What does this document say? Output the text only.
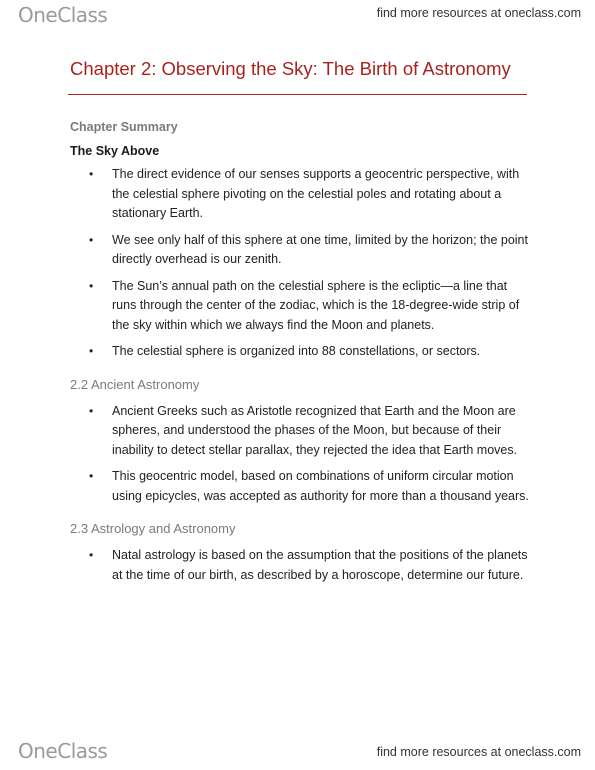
OneClass	find more resources at oneclass.com
Chapter 2: Observing the Sky: The Birth of Astronomy
Chapter Summary
The Sky Above
• The direct evidence of our senses supports a geocentric perspective, with the celestial sphere pivoting on the celestial poles and rotating about a stationary Earth.
• We see only half of this sphere at one time, limited by the horizon; the point directly overhead is our zenith.
• The Sun’s annual path on the celestial sphere is the ecliptic—a line that runs through the center of the zodiac, which is the 18-degree-wide strip of the sky within which we always find the Moon and planets.
• The celestial sphere is organized into 88 constellations, or sectors.
2.2 Ancient Astronomy
• Ancient Greeks such as Aristotle recognized that Earth and the Moon are spheres, and understood the phases of the Moon, but because of their inability to detect stellar parallax, they rejected the idea that Earth moves.
• This geocentric model, based on combinations of uniform circular motion using epicycles, was accepted as authority for more than a thousand years.
2.3 Astrology and Astronomy
• Natal astrology is based on the assumption that the positions of the planets at the time of our birth, as described by a horoscope, determine our future.
OneClass	find more resources at oneclass.com
